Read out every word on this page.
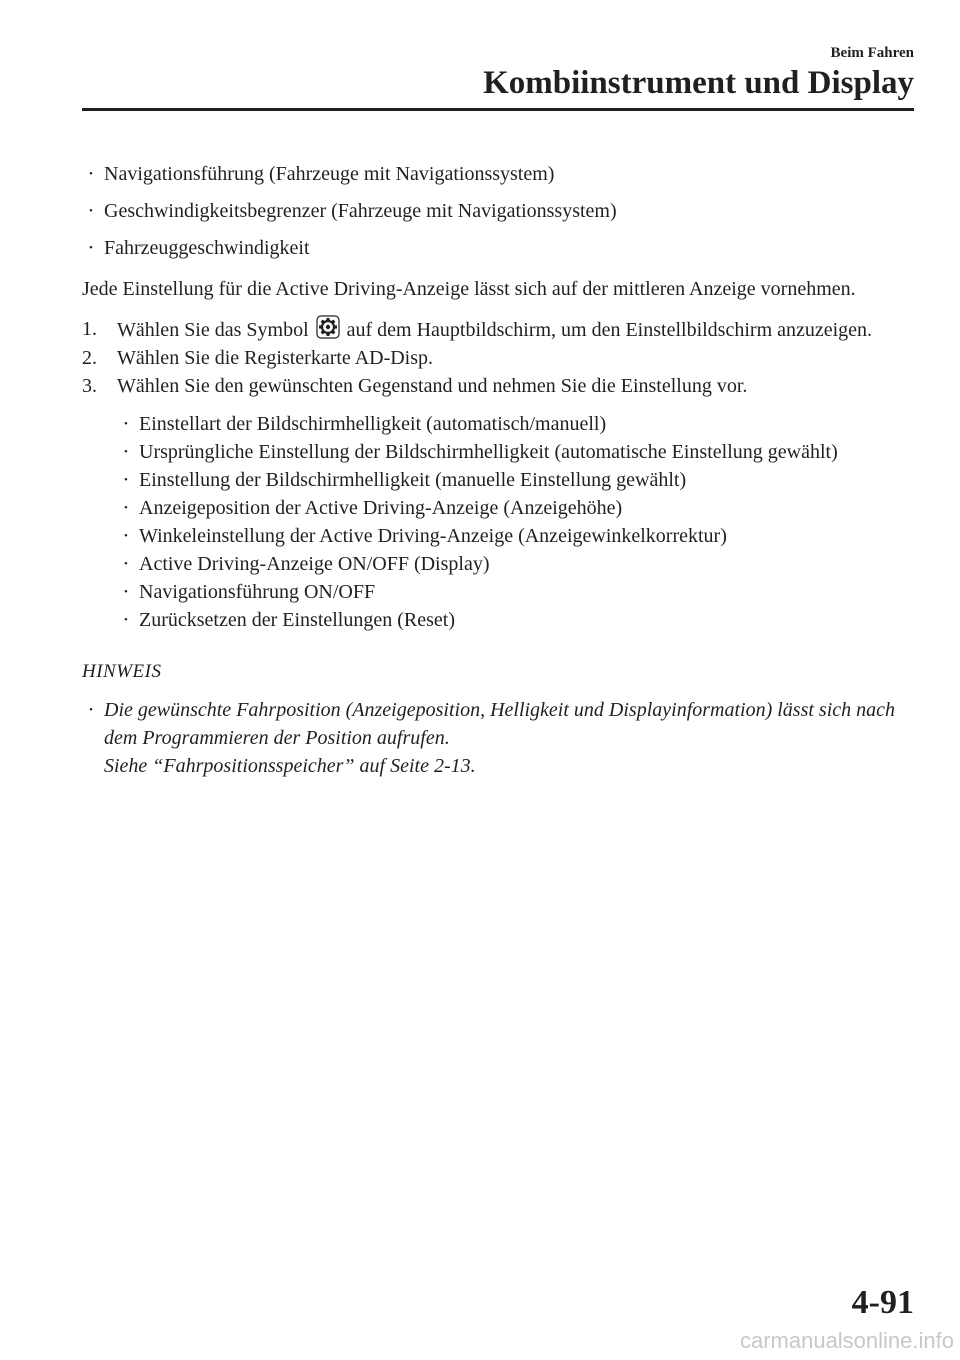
Beim Fahren
Kombiinstrument und Display
• Navigationsführung (Fahrzeuge mit Navigationssystem)
• Geschwindigkeitsbegrenzer (Fahrzeuge mit Navigationssystem)
• Fahrzeuggeschwindigkeit
Jede Einstellung für die Active Driving-Anzeige lässt sich auf der mittleren Anzeige vornehmen.
1. Wählen Sie das Symbol auf dem Hauptbildschirm, um den Einstellbildschirm anzuzeigen.
2. Wählen Sie die Registerkarte AD-Disp.
3. Wählen Sie den gewünschten Gegenstand und nehmen Sie die Einstellung vor.
• Einstellart der Bildschirmhelligkeit (automatisch/manuell)
• Ursprüngliche Einstellung der Bildschirmhelligkeit (automatische Einstellung gewählt)
• Einstellung der Bildschirmhelligkeit (manuelle Einstellung gewählt)
• Anzeigeposition der Active Driving-Anzeige (Anzeigehöhe)
• Winkeleinstellung der Active Driving-Anzeige (Anzeigewinkelkorrektur)
• Active Driving-Anzeige ON/OFF (Display)
• Navigationsführung ON/OFF
• Zurücksetzen der Einstellungen (Reset)
HINWEIS
• Die gewünschte Fahrposition (Anzeigeposition, Helligkeit und Displayinformation) lässt sich nach dem Programmieren der Position aufrufen.
Siehe “Fahrpositionsspeicher” auf Seite 2-13.
4-91
carmanualsonline.info
